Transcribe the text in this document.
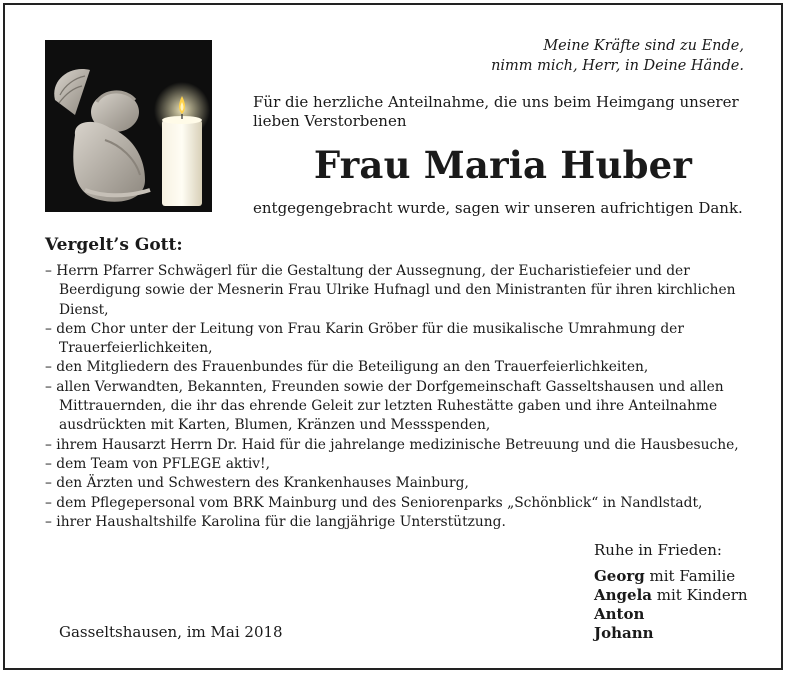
Meine Kräfte sind zu Ende,
nimm mich, Herr, in Deine Hände.
Für die herzliche Anteilnahme, die uns beim Heimgang unserer lieben Verstorbenen
Frau Maria Huber
entgegengebracht wurde, sagen wir unseren aufrichtigen Dank.
Vergelt’s Gott:
– Herrn Pfarrer Schwägerl für die Gestaltung der Aussegnung, der Eucharistiefeier und der Beerdigung sowie der Mesnerin Frau Ulrike Hufnagl und den Ministranten für ihren kirchlichen Dienst,
– dem Chor unter der Leitung von Frau Karin Gröber für die musikalische Umrahmung der Trauerfeierlichkeiten,
– den Mitgliedern des Frauenbundes für die Beteiligung an den Trauerfeierlichkeiten,
– allen Verwandten, Bekannten, Freunden sowie der Dorfgemeinschaft Gasseltshausen und allen Mittrauernden, die ihr das ehrende Geleit zur letzten Ruhestätte gaben und ihre Anteilnahme ausdrückten mit Karten, Blumen, Kränzen und Messspenden,
– ihrem Hausarzt Herrn Dr. Haid für die jahrelange medizinische Betreuung und die Hausbesuche,
– dem Team von PFLEGE aktiv!,
– den Ärzten und Schwestern des Krankenhauses Mainburg,
– dem Pflegepersonal vom BRK Mainburg und des Seniorenparks „Schönblick“ in Nandlstadt,
– ihrer Haushaltshilfe Karolina für die langjährige Unterstützung.
Ruhe in Frieden:
Georg mit Familie
Angela mit Kindern
Anton
Johann
Gasseltshausen, im Mai 2018
